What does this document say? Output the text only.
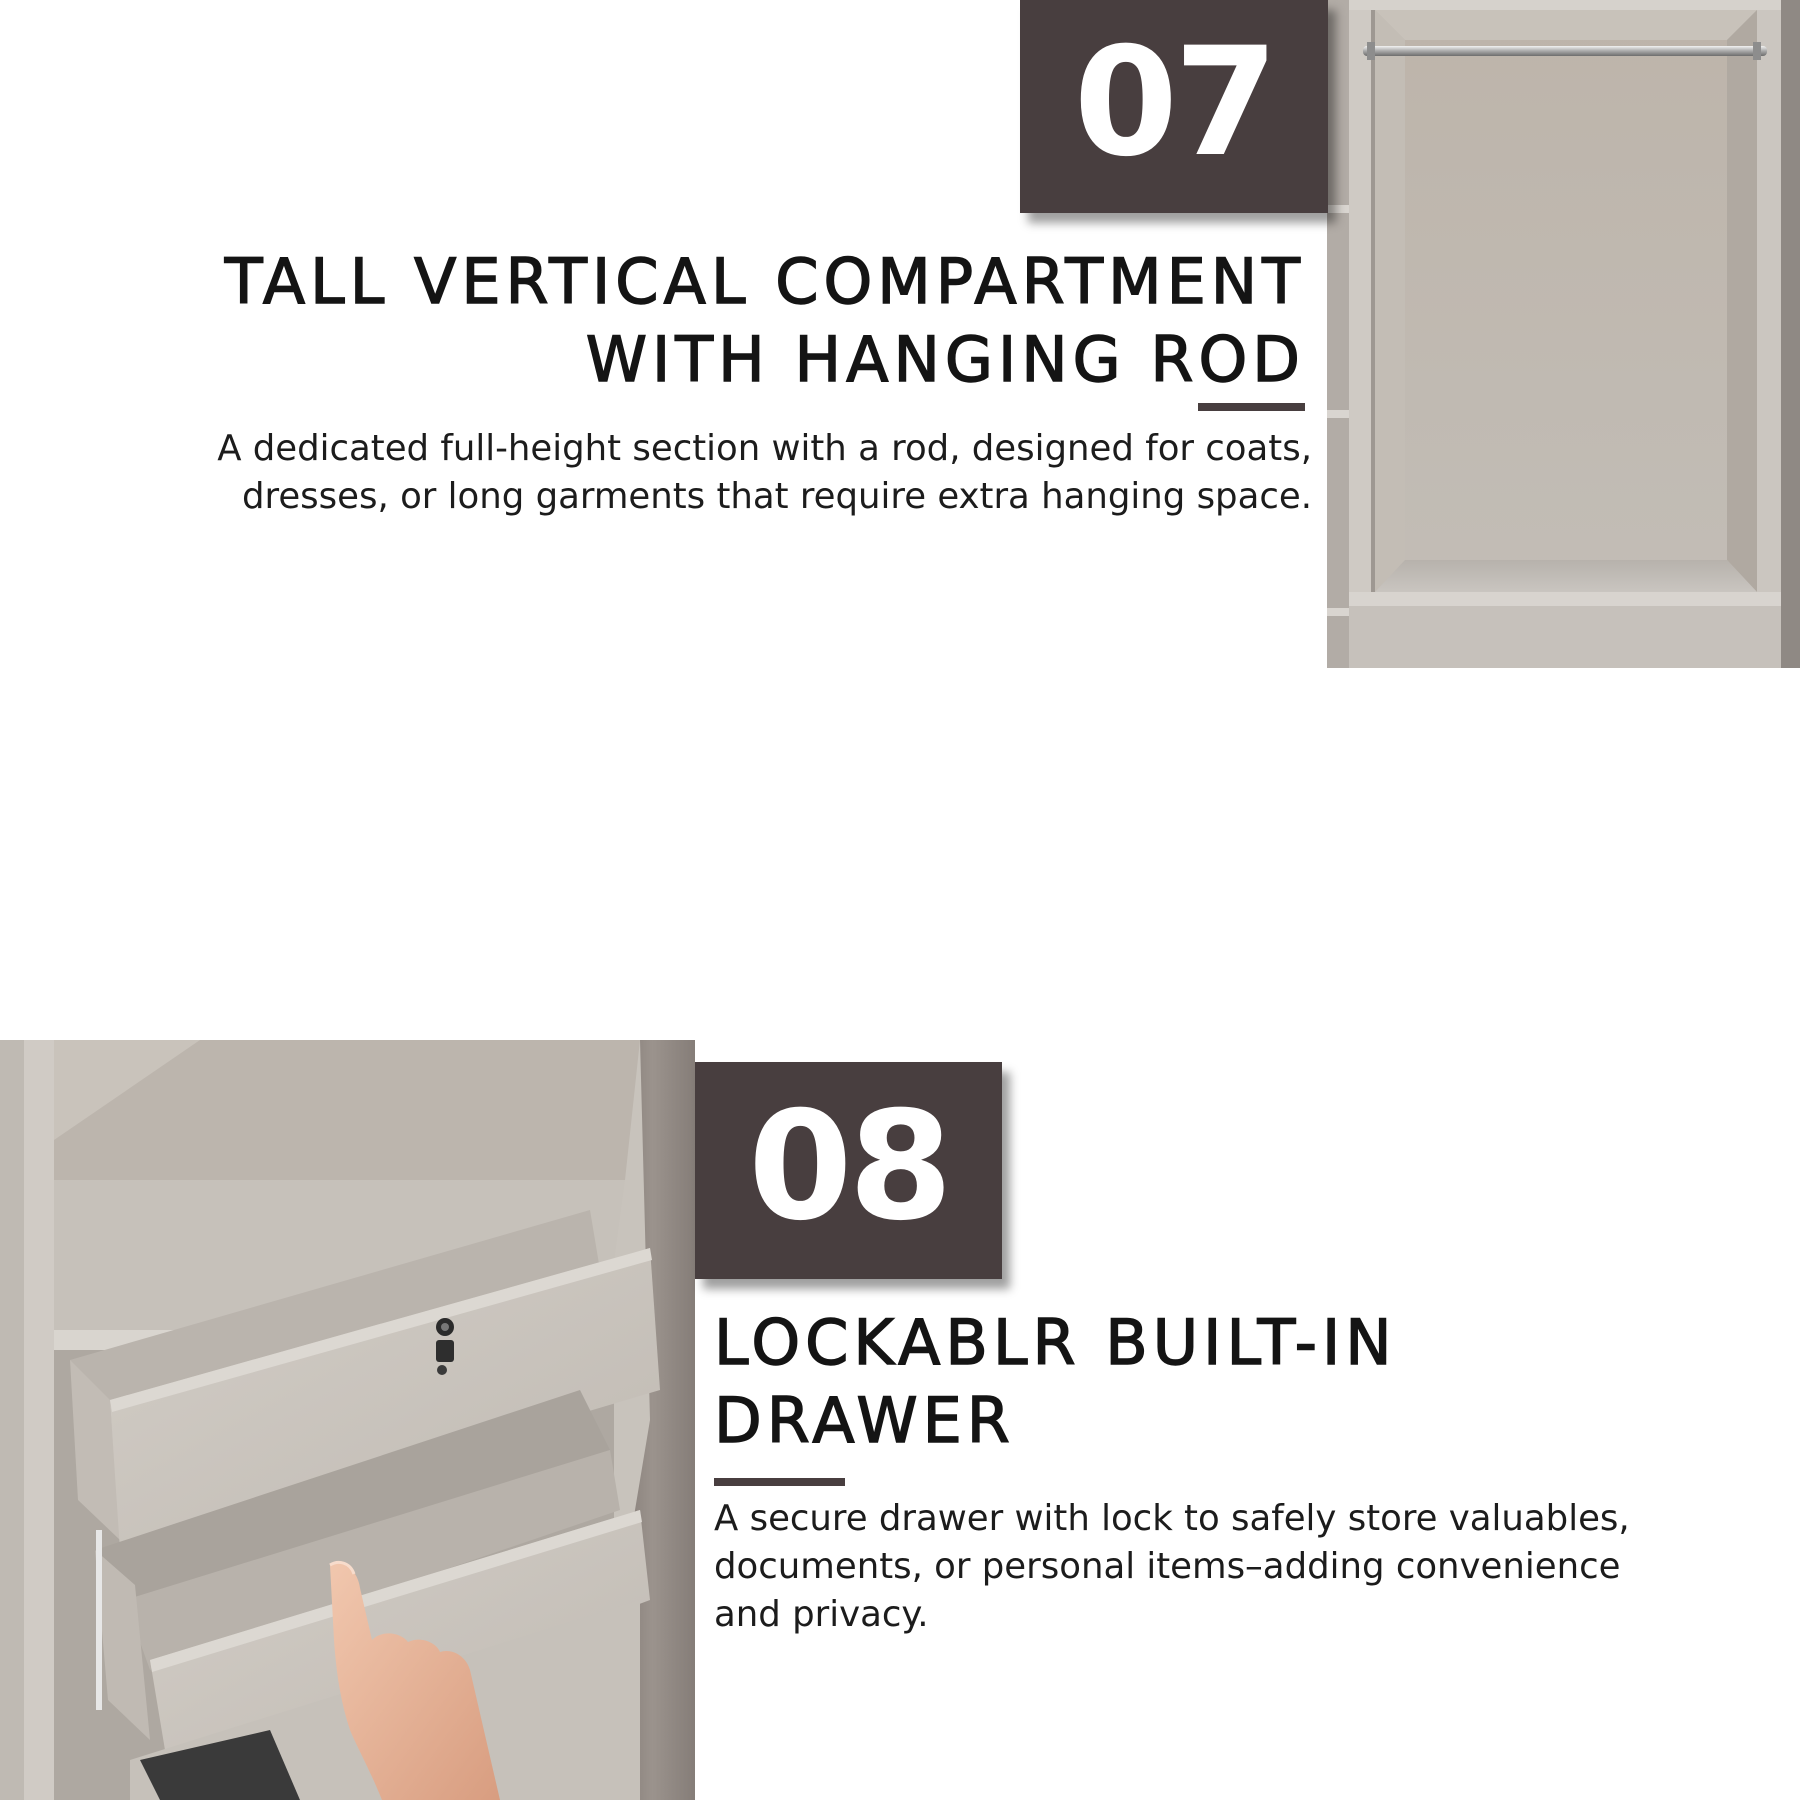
07
TALL VERTICAL COMPARTMENT
WITH HANGING ROD

A dedicated full-height section with a rod, designed for coats,
dresses, or long garments that require extra hanging space.

08
LOCKABLR BUILT-IN
DRAWER

A secure drawer with lock to safely store valuables,
documents, or personal items–adding convenience
and privacy.
